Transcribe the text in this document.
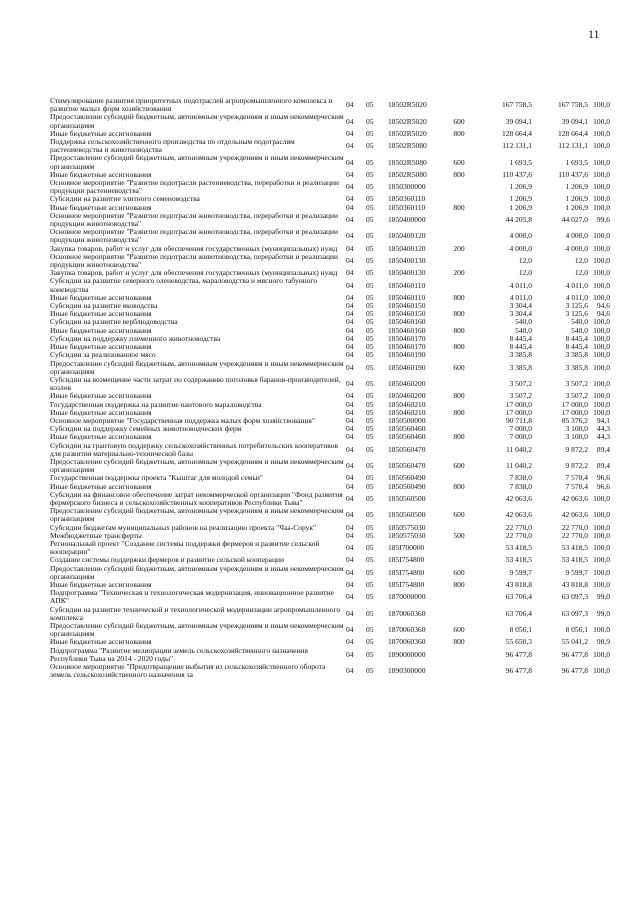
11
Стимулирование развития приоритетных подотраслей агропромышленного комплекса и развитие малых форм хозяйствования	04	05	18502R5020		167 758,5	167 758,5	100,0
Предоставление субсидий бюджетным, автономным учреждениям и иным некоммерческим организациям	04	05	18502R5020	600	39 094,1	39 094,1	100,0
Иные бюджетные ассигнования	04	05	18502R5020	800	128 664,4	128 664,4	100,0
Поддержка сельскохозяйственного производства по отдельным подотраслям растениеводства и животноводства	04	05	18502R5080		112 131,1	112 131,1	100,0
Предоставление субсидий бюджетным, автономным учреждениям и иным некоммерческим организациям	04	05	18502R5080	600	1 693,5	1 693,5	100,0
Иные бюджетные ассигнования	04	05	18502R5080	800	110 437,6	110 437,6	100,0
Основное мероприятие "Развитие подотрасли растениеводства, переработки и реализации продукции растениеводства"	04	05	1850300000		1 206,9	1 206,9	100,0
Субсидии на развитие элитного семеноводства	04	05	1850360110		1 206,9	1 206,9	100,0
Иные бюджетные ассигнования	04	05	1850360110	800	1 206,9	1 206,9	100,0
Основное мероприятие "Развитие подотрасли животноводства, переработки и реализации продукции животноводства"	04	05	1850400000		44 205,8	44 027,0	99,6
Основное мероприятие "Развитие подотрасли животноводства, переработки и реализации продукции животноводства"	04	05	1850400120		4 000,0	4 000,0	100,0
Закупка товаров, работ и услуг для обеспечения государственных (муниципальных) нужд	04	05	1850400120	200	4 000,0	4 000,0	100,0
Основное мероприятие "Развитие подотрасли животноводства, переработки и реализации продукции животноводства"	04	05	1850400130		12,0	12,0	100,0
Закупка товаров, работ и услуг для обеспечения государственных (муниципальных) нужд	04	05	1850400130	200	12,0	12,0	100,0
Субсидии на развитие северного оленеводства, мараловодства и мясного табунного коневодства	04	05	1850460110		4 011,0	4 011,0	100,0
Иные бюджетные ассигнования	04	05	1850460110	800	4 011,0	4 011,0	100,0
Субсидии на развитие яководства	04	05	1850460150		3 304,4	3 125,6	94,6
Иные бюджетные ассигнования	04	05	1850460150	800	3 304,4	3 125,6	94,6
Субсидии на развитие верблюдоводства	04	05	1850460160		540,0	540,0	100,0
Иные бюджетные ассигнования	04	05	1850460160	800	540,0	540,0	100,0
Субсидии на поддержку племенного животноводства	04	05	1850460170		8 445,4	8 445,4	100,0
Иные бюджетные ассигнования	04	05	1850460170	800	8 445,4	8 445,4	100,0
Субсидии за реализованное мясо	04	05	1850460190		3 385,8	3 385,8	100,0
Предоставление субсидий бюджетным, автономным учреждениям и иным некоммерческим организациям	04	05	1850460190	600	3 385,8	3 385,8	100,0
Субсидии на возмещение части затрат по содержанию поголовья баранов-производителей, козлов	04	05	1850460200		3 507,2	3 507,2	100,0
Иные бюджетные ассигнования	04	05	1850460200	800	3 507,2	3 507,2	100,0
Государственная поддержка на развитие пантового мараловодства	04	05	1850460210		17 000,0	17 000,0	100,0
Иные бюджетные ассигнования	04	05	1850460210	800	17 000,0	17 000,0	100,0
Основное мероприятие "Государственная поддержка малых форм хозяйствования"	04	05	1850500000		90 711,8	85 376,2	94,1
Субсидии на поддержку семейных животноводческих ферм	04	05	1850560460		7 000,0	3 100,0	44,3
Иные бюджетные ассигнования	04	05	1850560460	800	7 000,0	3 100,0	44,3
Субсидии на грантовую поддержку сельскохозяйственных потребительских кооперативов для развития материально-технической базы	04	05	1850560470		11 040,2	9 872,2	89,4
Предоставление субсидий бюджетным, автономным учреждениям и иным некоммерческим организациям	04	05	1850560470	600	11 040,2	9 872,2	89,4
Государственная поддержка проекта "Кыштаг для молодой семьи"	04	05	1850560490		7 838,0	7 570,4	96,6
Иные бюджетные ассигнования	04	05	1850560490	800	7 838,0	7 570,4	96,6
Субсидии на финансовое обеспечение затрат некоммерческой организации "Фонд развития фермерского бизнеса и сельскохозяйственных кооперативов Республики Тыва"	04	05	1850560500		42 063,6	42 063,6	100,0
Предоставление субсидий бюджетным, автономным учреждениям и иным некоммерческим организациям	04	05	1850560500	600	42 063,6	42 063,6	100,0
Субсидии бюджетам муниципальных районов на реализацию проекта "Чаа-Сорук"	04	05	1850575030		22 770,0	22 770,0	100,0
Межбюджетные трансферты	04	05	1850575030	500	22 770,0	22 770,0	100,0
Региональный проект "Создание системы поддержки фермеров и развитие сельской кооперации"	04	05	185I700000		53 418,5	53 418,5	100,0
Создание системы поддержки фермеров и развитие сельской кооперации	04	05	185I754800		53 418,5	53 418,5	100,0
Предоставление субсидий бюджетным, автономным учреждениям и иным некоммерческим организациям	04	05	185I754800	600	9 599,7	9 599,7	100,0
Иные бюджетные ассигнования	04	05	185I754800	800	43 818,8	43 818,8	100,0
Подпрограмма "Техническая и технологическая модернизация, инновационное развитие АПК"	04	05	1870000000		63 706,4	63 097,3	99,0
Субсидии на развитие технической и технологической модернизации агропромышленного комплекса	04	05	1870060360		63 706,4	63 097,3	99,0
Предоставление субсидий бюджетным, автономным учреждениям и иным некоммерческим организациям	04	05	1870060360	600	8 056,1	8 056,1	100,0
Иные бюджетные ассигнования	04	05	1870060360	800	55 650,3	55 041,2	98,9
Подпрограмма "Развитие мелиорации земель сельскохозяйственного назначения Республики Тыва на 2014 - 2020 годы"	04	05	1890000000		96 477,8	96 477,8	100,0
Основное мероприятие "Предотвращение выбытия из сельскохозяйственного оборота земель сельскохозяйственного назначения за	04	05	1890300000		96 477,8	96 477,8	100,0
